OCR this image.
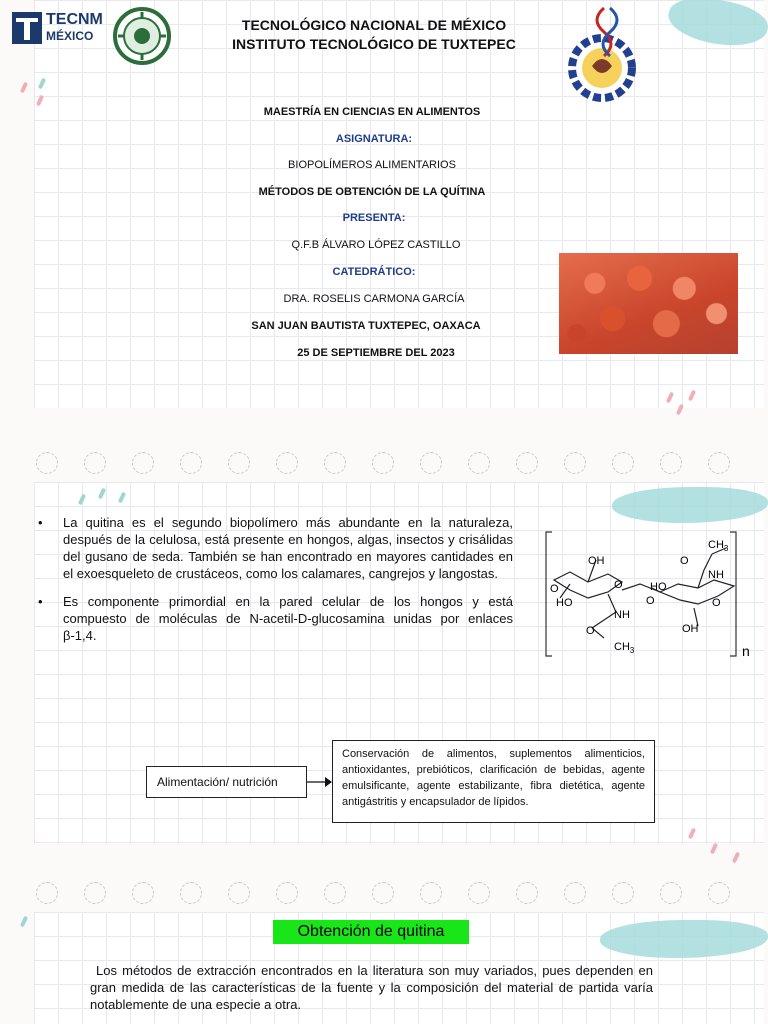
TECNM
MÉXICO
TECNOLÓGICO NACIONAL DE MÉXICO
INSTITUTO TECNOLÓGICO DE TUXTEPEC
MAESTRÍA EN CIENCIAS EN ALIMENTOS
ASIGNATURA:
BIOPOLÍMEROS ALIMENTARIOS
MÉTODOS DE OBTENCIÓN DE LA QUÍTINA
PRESENTA:
Q.F.B ÁLVARO LÓPEZ CASTILLO
CATEDRÁTICO:
DRA. ROSELIS CARMONA GARCÍA
SAN JUAN BAUTISTA TUXTEPEC, OAXACA
25 DE SEPTIEMBRE DEL 2023
• La quitina es el segundo biopolímero más abundante en la naturaleza, después de la celulosa, está presente en hongos, algas, insectos y crisálidas del gusano de seda. También se han encontrado en mayores cantidades en el exoesqueleto de crustáceos, como los calamares, cangrejos y langostas.
• Es componente primordial en la pared celular de los hongos y está compuesto de moléculas de N-acetil-D-glucosamina unidas por enlaces β-1,4.
OH
O
HO
O
NH
O
$CH_3$
O
HO
O
NH
O
$CH_3$
OH
n
Alimentación/ nutrición
Conservación de alimentos, suplementos alimenticios, antioxidantes, prebióticos, clarificación de bebidas, agente emulsificante, agente estabilizante, fibra dietética, agente antigástritis y encapsulador de lípidos.
Obtención de quitina
Los métodos de extracción encontrados en la literatura son muy variados, pues dependen en gran medida de las características de la fuente y la composición del material de partida varía notablemente de una especie a otra.
